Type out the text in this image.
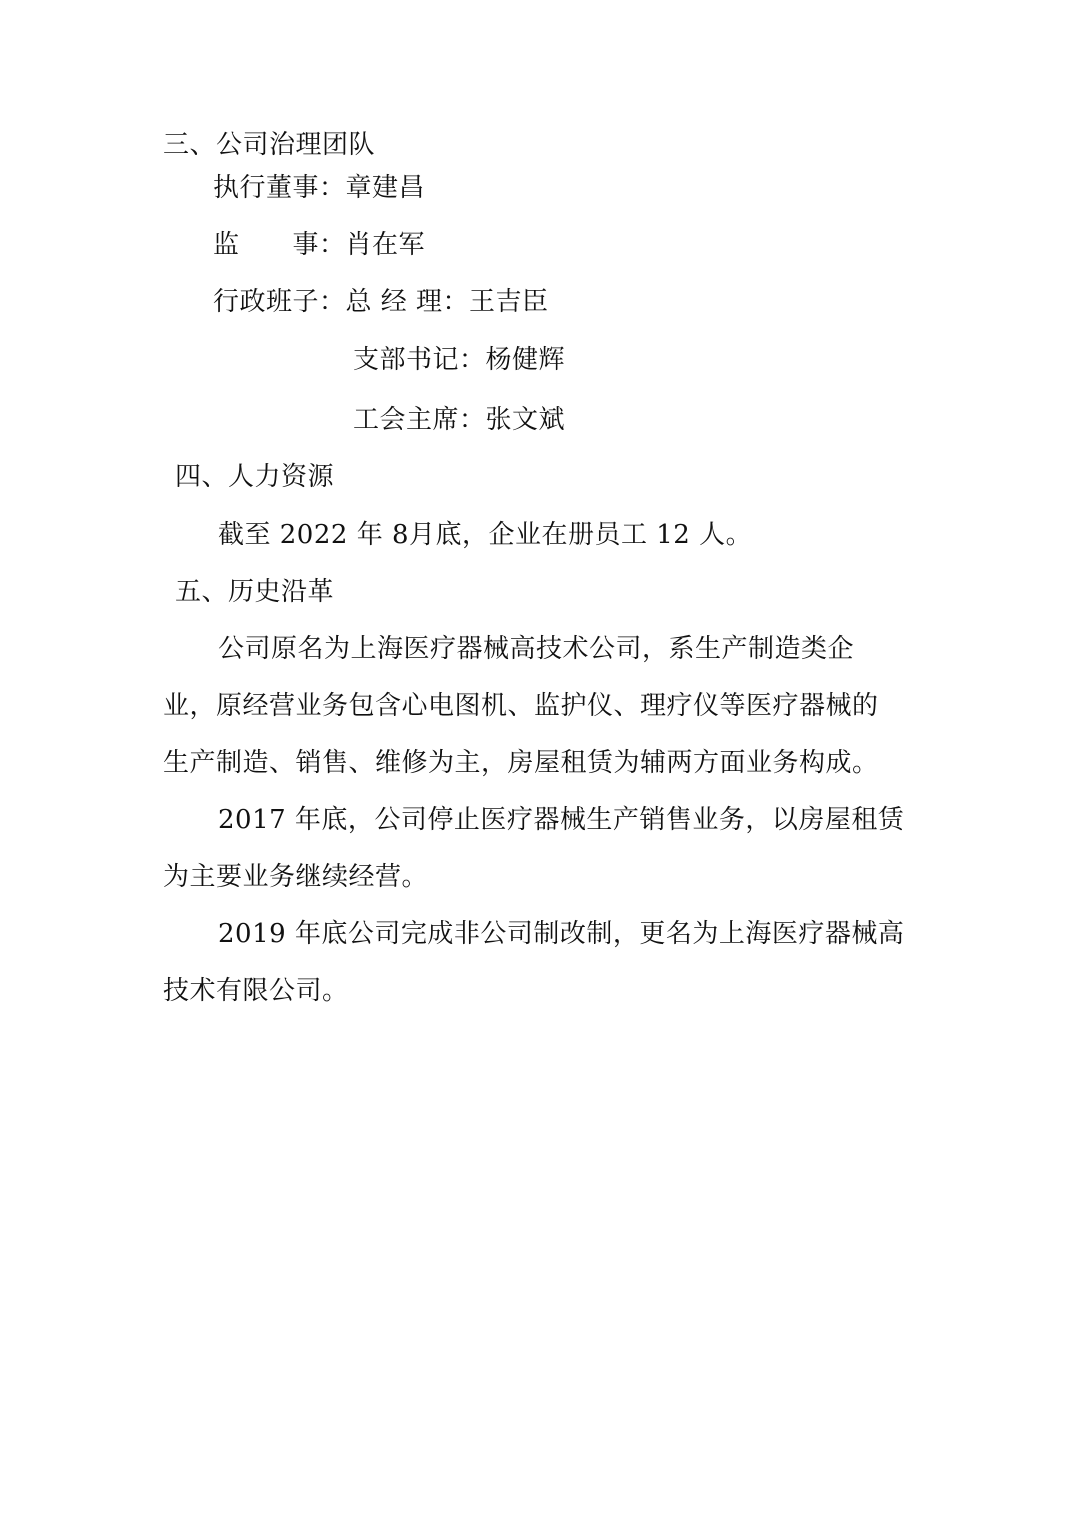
三、公司治理团队
执行董事：章建昌
监　　事：肖在军
行政班子：总 经 理：王吉臣
支部书记：杨健辉
工会主席：张文斌
四、人力资源
截至 2022 年 8月底，企业在册员工 12 人。
五、历史沿革
公司原名为上海医疗器械高技术公司，系生产制造类企
业，原经营业务包含心电图机、监护仪、理疗仪等医疗器械的
生产制造、销售、维修为主，房屋租赁为辅两方面业务构成。
2017 年底，公司停止医疗器械生产销售业务，以房屋租赁
为主要业务继续经营。
2019 年底公司完成非公司制改制，更名为上海医疗器械高
技术有限公司。
